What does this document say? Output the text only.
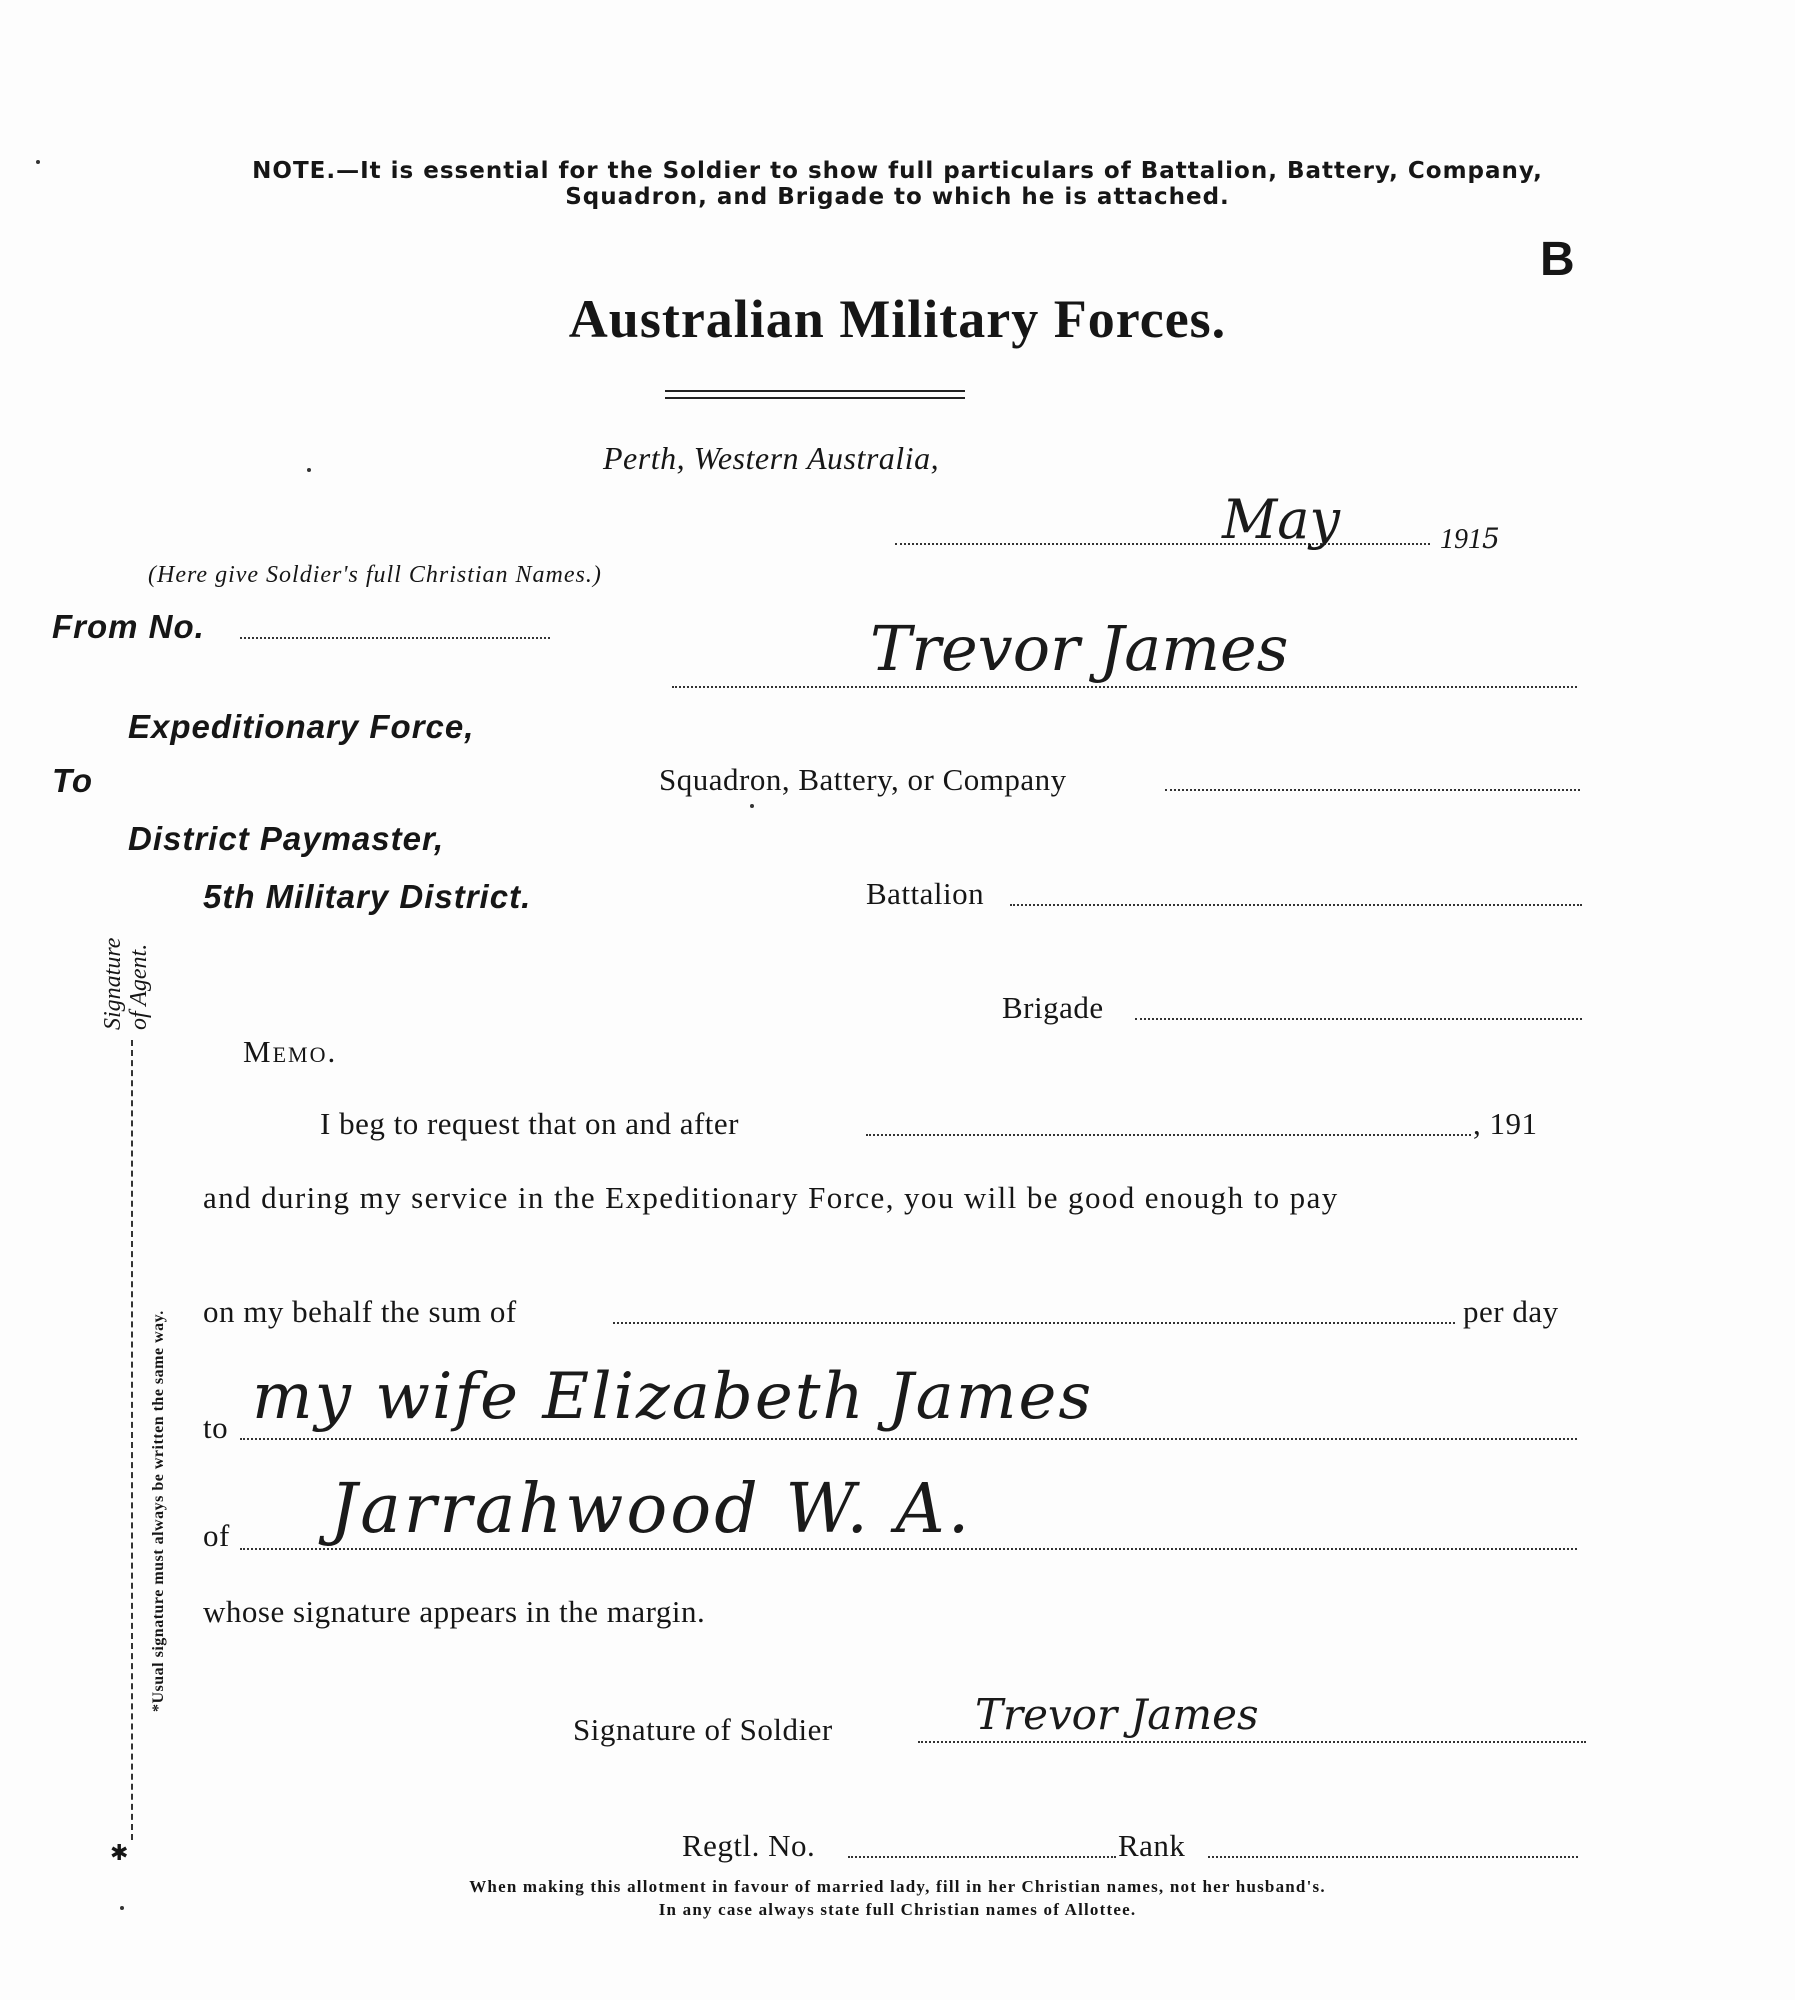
NOTE.—It is essential for the Soldier to show full particulars of Battalion, Battery, Company,
Squadron, and Brigade to which he is attached.
B
Australian Military Forces.
Perth, Western Australia,
May	1915
(Here give Soldier's full Christian Names.)
From No.	Trevor James
Expeditionary Force,
To	Squadron, Battery, or Company
District Paymaster,
5th Military District.	Battalion
Brigade
Signature of Agent.
*Usual signature must always be written the same way.
✱
Memo.
I beg to request that on and after	, 191
and during my service in the Expeditionary Force, you will be good enough to pay
on my behalf the sum of	per day
to my wife Elizabeth James
of Jarrahwood W. A.
whose signature appears in the margin.
Signature of Soldier	Trevor James
Regtl. No.	Rank
When making this allotment in favour of married lady, fill in her Christian names, not her husband's.
In any case always state full Christian names of Allottee.
